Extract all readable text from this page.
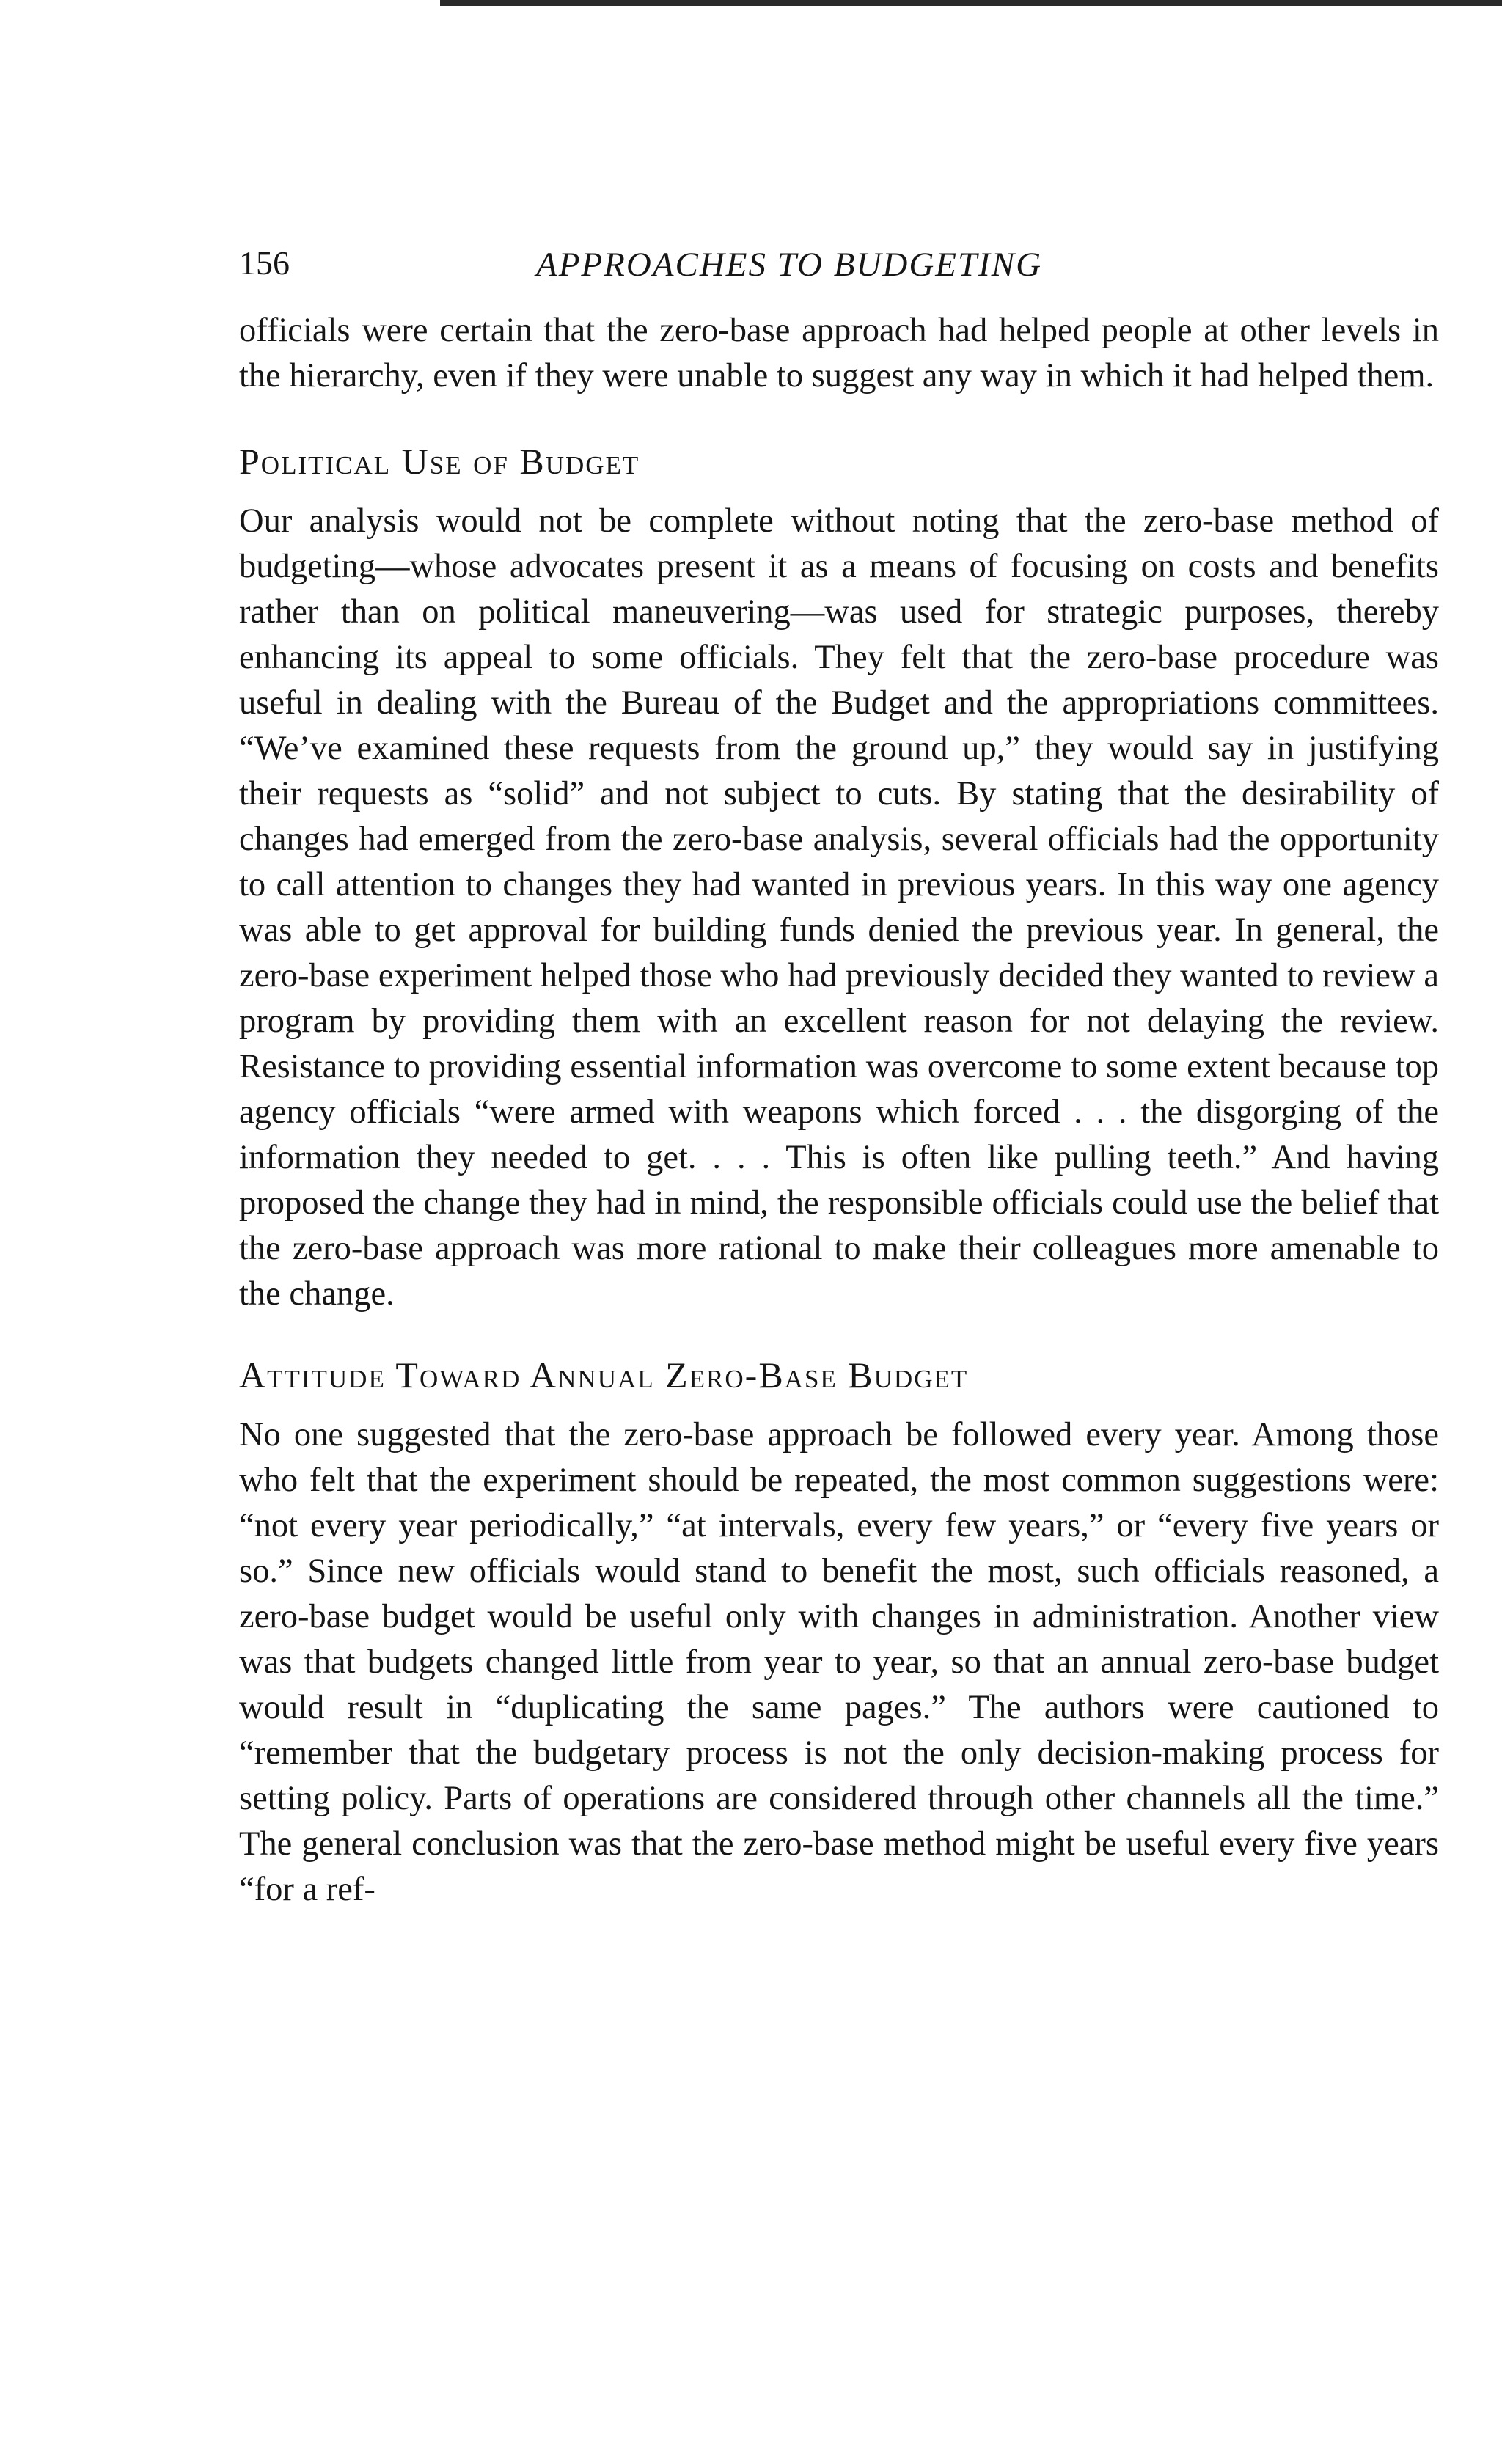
156	APPROACHES TO BUDGETING

officials were certain that the zero-base approach had helped people at other levels in the hierarchy, even if they were unable to suggest any way in which it had helped them.

Political Use of Budget

Our analysis would not be complete without noting that the zero-base method of budgeting—whose advocates present it as a means of focusing on costs and benefits rather than on political maneuvering—was used for strategic purposes, thereby enhancing its appeal to some officials. They felt that the zero-base procedure was useful in dealing with the Bureau of the Budget and the appropriations committees. “We’ve examined these requests from the ground up,” they would say in justifying their requests as “solid” and not subject to cuts. By stating that the desirability of changes had emerged from the zero-base analysis, several officials had the opportunity to call attention to changes they had wanted in previous years. In this way one agency was able to get approval for building funds denied the previous year. In general, the zero-base experiment helped those who had previously decided they wanted to review a program by providing them with an excellent reason for not delaying the review. Resistance to providing essential information was overcome to some extent because top agency officials “were armed with weapons which forced . . . the disgorging of the information they needed to get. . . . This is often like pulling teeth.” And having proposed the change they had in mind, the responsible officials could use the belief that the zero-base approach was more rational to make their colleagues more amenable to the change.

Attitude Toward Annual Zero-Base Budget

No one suggested that the zero-base approach be followed every year. Among those who felt that the experiment should be repeated, the most common suggestions were: “not every year periodically,” “at intervals, every few years,” or “every five years or so.” Since new officials would stand to benefit the most, such officials reasoned, a zero-base budget would be useful only with changes in administration. Another view was that budgets changed little from year to year, so that an annual zero-base budget would result in “duplicating the same pages.” The authors were cautioned to “remember that the budgetary process is not the only decision-making process for setting policy. Parts of operations are considered through other channels all the time.” The general conclusion was that the zero-base method might be useful every five years “for a ref-
